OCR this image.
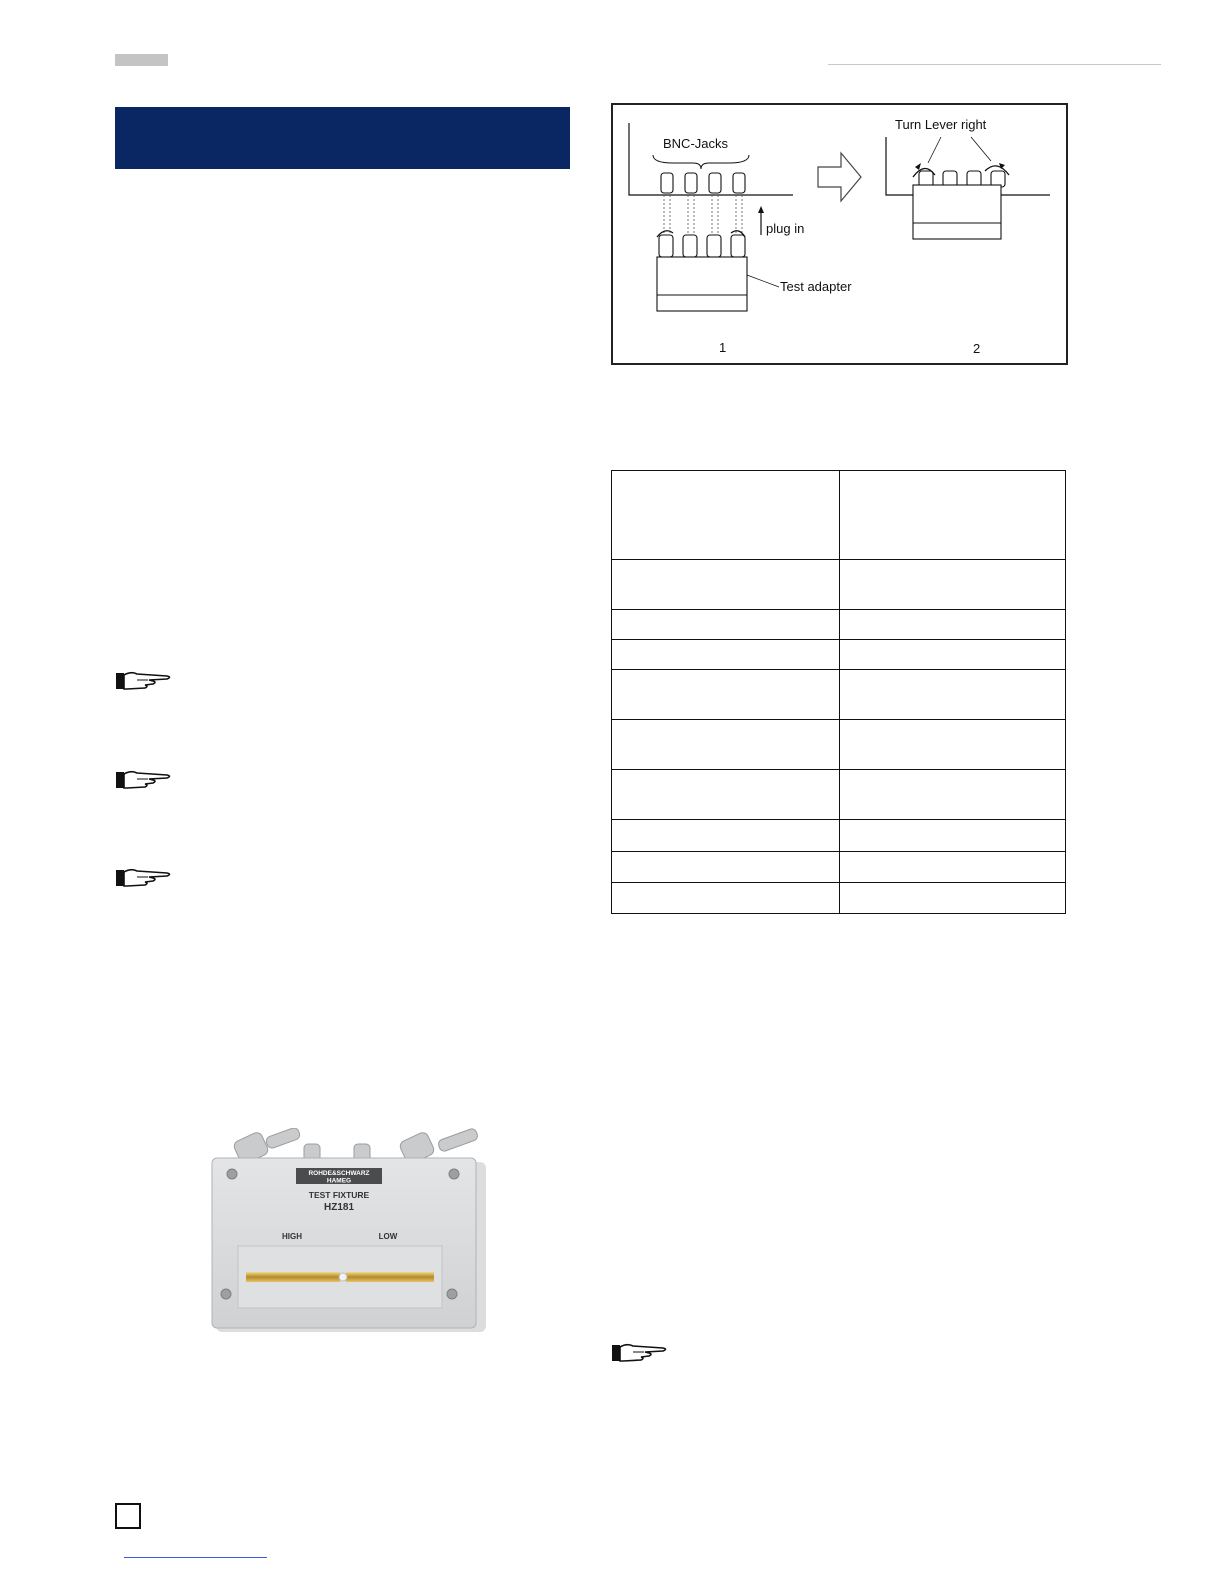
BNC-Jacks
plug in
Test adapter
1
Turn Lever right
2

ROHDE&SCHWARZ
HAMEG
TEST FIXTURE
HZ181
HIGH	LOW
